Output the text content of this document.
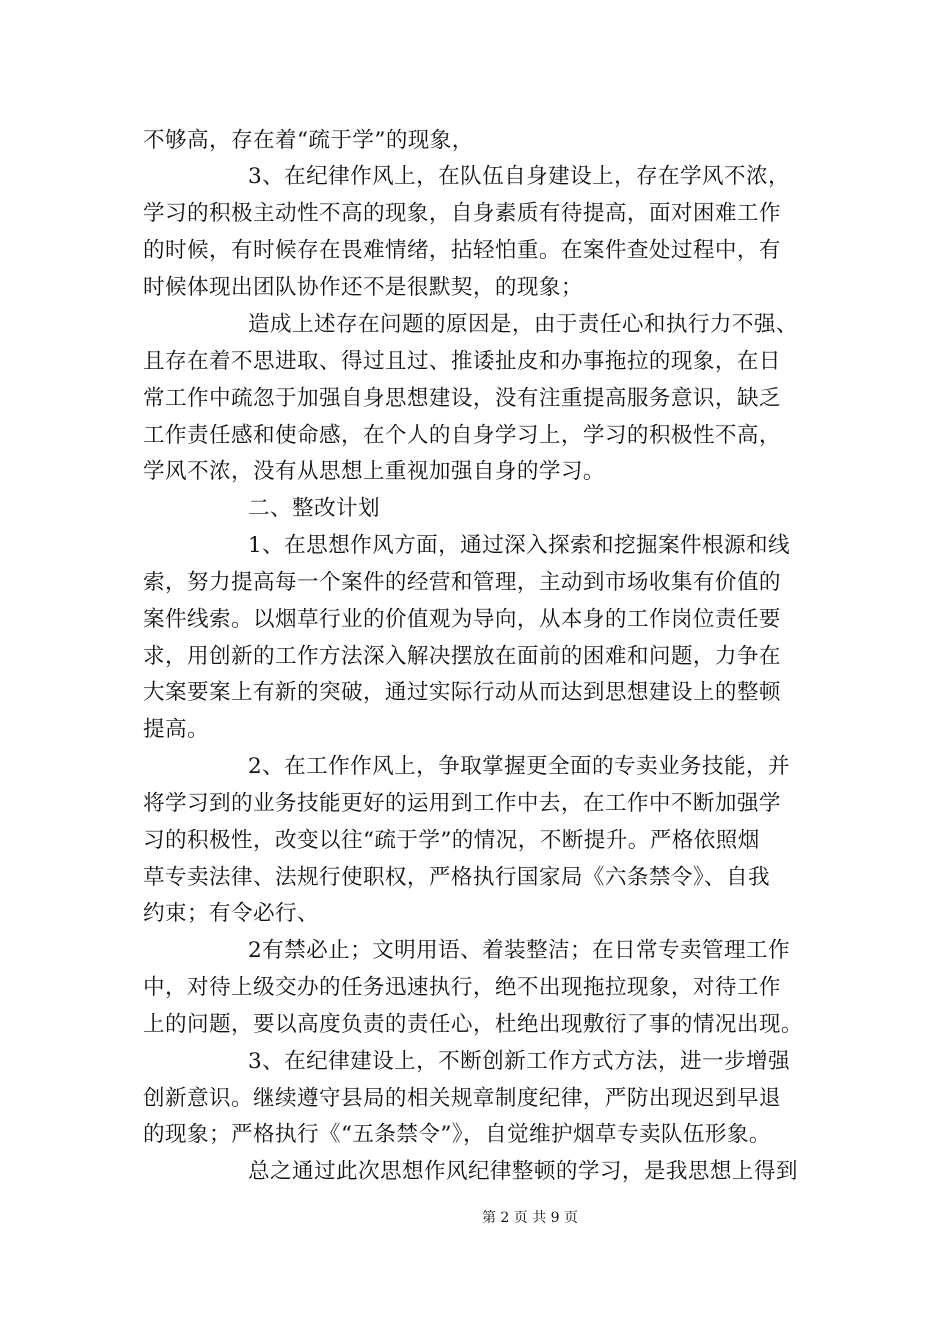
不够高，存在着“疏于学”的现象，
3、在纪律作风上，在队伍自身建设上，存在学风不浓，
学习的积极主动性不高的现象，自身素质有待提高，面对困难工作
的时候，有时候存在畏难情绪，拈轻怕重。在案件查处过程中，有
时候体现出团队协作还不是很默契，的现象；
造成上述存在问题的原因是，由于责任心和执行力不强、
且存在着不思进取、得过且过、推诿扯皮和办事拖拉的现象，在日
常工作中疏忽于加强自身思想建设，没有注重提高服务意识，缺乏
工作责任感和使命感，在个人的自身学习上，学习的积极性不高，
学风不浓，没有从思想上重视加强自身的学习。
二、整改计划
1、在思想作风方面，通过深入探索和挖掘案件根源和线
索，努力提高每一个案件的经营和管理，主动到市场收集有价值的
案件线索。以烟草行业的价值观为导向，从本身的工作岗位责任要
求，用创新的工作方法深入解决摆放在面前的困难和问题，力争在
大案要案上有新的突破，通过实际行动从而达到思想建设上的整顿
提高。
2、在工作作风上，争取掌握更全面的专卖业务技能，并
将学习到的业务技能更好的运用到工作中去，在工作中不断加强学
习的积极性，改变以往“疏于学”的情况，不断提升。严格依照烟
草专卖法律、法规行使职权，严格执行国家局《六条禁令》、自我
约束；有令必行、
2有禁必止；文明用语、着装整洁；在日常专卖管理工作
中，对待上级交办的任务迅速执行，绝不出现拖拉现象，对待工作
上的问题，要以高度负责的责任心，杜绝出现敷衍了事的情况出现。
3、在纪律建设上，不断创新工作方式方法，进一步增强
创新意识。继续遵守县局的相关规章制度纪律，严防出现迟到早退
的现象；严格执行《“五条禁令”》，自觉维护烟草专卖队伍形象。
总之通过此次思想作风纪律整顿的学习，是我思想上得到
第 2 页 共 9 页
